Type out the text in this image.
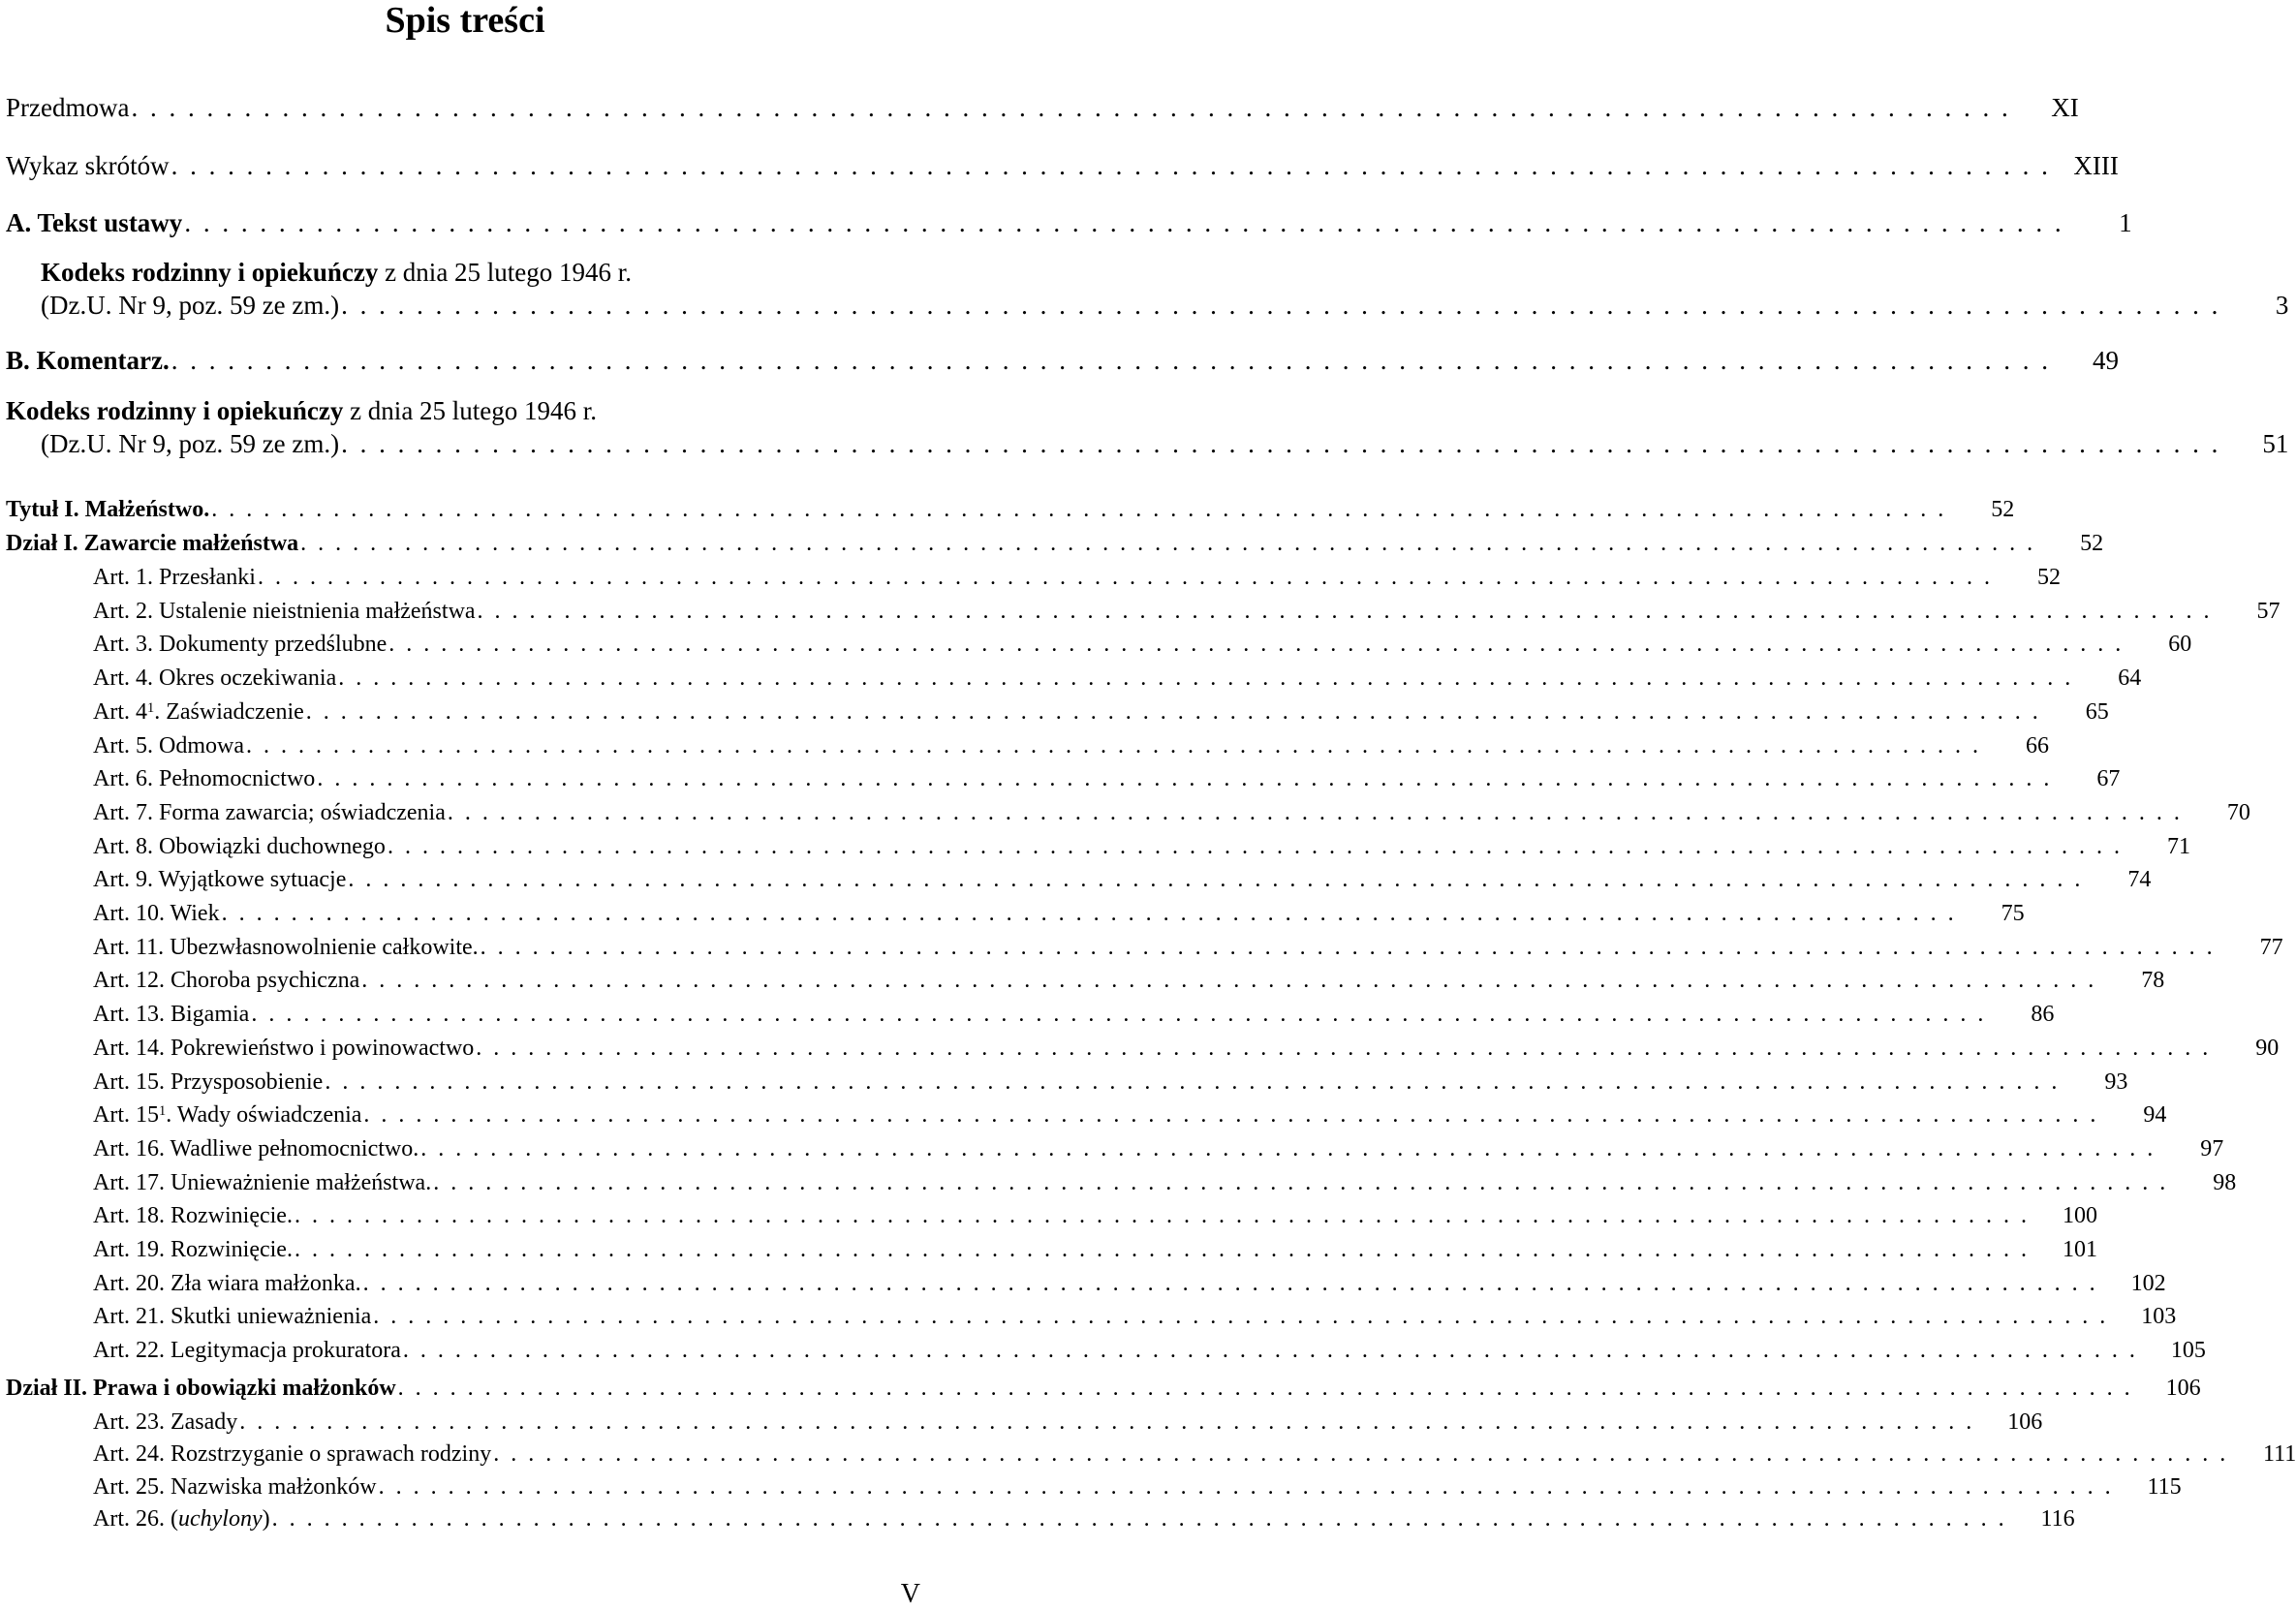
Spis treści
Przedmowa . . .	XI
Wykaz skrótów . . .	XIII
A. Tekst ustawy . . .	1
Kodeks rodzinny i opiekuńczy z dnia 25 lutego 1946 r.
(Dz.U. Nr 9, poz. 59 ze zm.) . . .	3
B. Komentarz. . . .	49
Kodeks rodzinny i opiekuńczy z dnia 25 lutego 1946 r.
(Dz.U. Nr 9, poz. 59 ze zm.) . . .	51
Tytuł I. Małżeństwo. . . .	52
Dział I. Zawarcie małżeństwa . . .	52
Art. 1. Przesłanki . . .	52
Art. 2. Ustalenie nieistnienia małżeństwa . . .	57
Art. 3. Dokumenty przedślubne . . .	60
Art. 4. Okres oczekiwania . . .	64
Art. $4^1$. Zaświadczenie . . .	65
Art. 5. Odmowa . . .	66
Art. 6. Pełnomocnictwo . . .	67
Art. 7. Forma zawarcia; oświadczenia . . .	70
Art. 8. Obowiązki duchownego . . .	71
Art. 9. Wyjątkowe sytuacje . . .	74
Art. 10. Wiek . . .	75
Art. 11. Ubezwłasnowolnienie całkowite. . . .	77
Art. 12. Choroba psychiczna . . .	78
Art. 13. Bigamia . . .	86
Art. 14. Pokrewieństwo i powinowactwo . . .	90
Art. 15. Przysposobienie . . .	93
Art. $15^1$. Wady oświadczenia . . .	94
Art. 16. Wadliwe pełnomocnictwo. . . .	97
Art. 17. Unieważnienie małżeństwa. . . .	98
Art. 18. Rozwinięcie. . . .	100
Art. 19. Rozwinięcie. . . .	101
Art. 20. Zła wiara małżonka. . . .	102
Art. 21. Skutki unieważnienia . . .	103
Art. 22. Legitymacja prokuratora . . .	105
Dział II. Prawa i obowiązki małżonków . . .	106
Art. 23. Zasady . . .	106
Art. 24. Rozstrzyganie o sprawach rodziny . . .	111
Art. 25. Nazwiska małżonków . . .	115
Art. 26. (uchylony) . . .	116
V
